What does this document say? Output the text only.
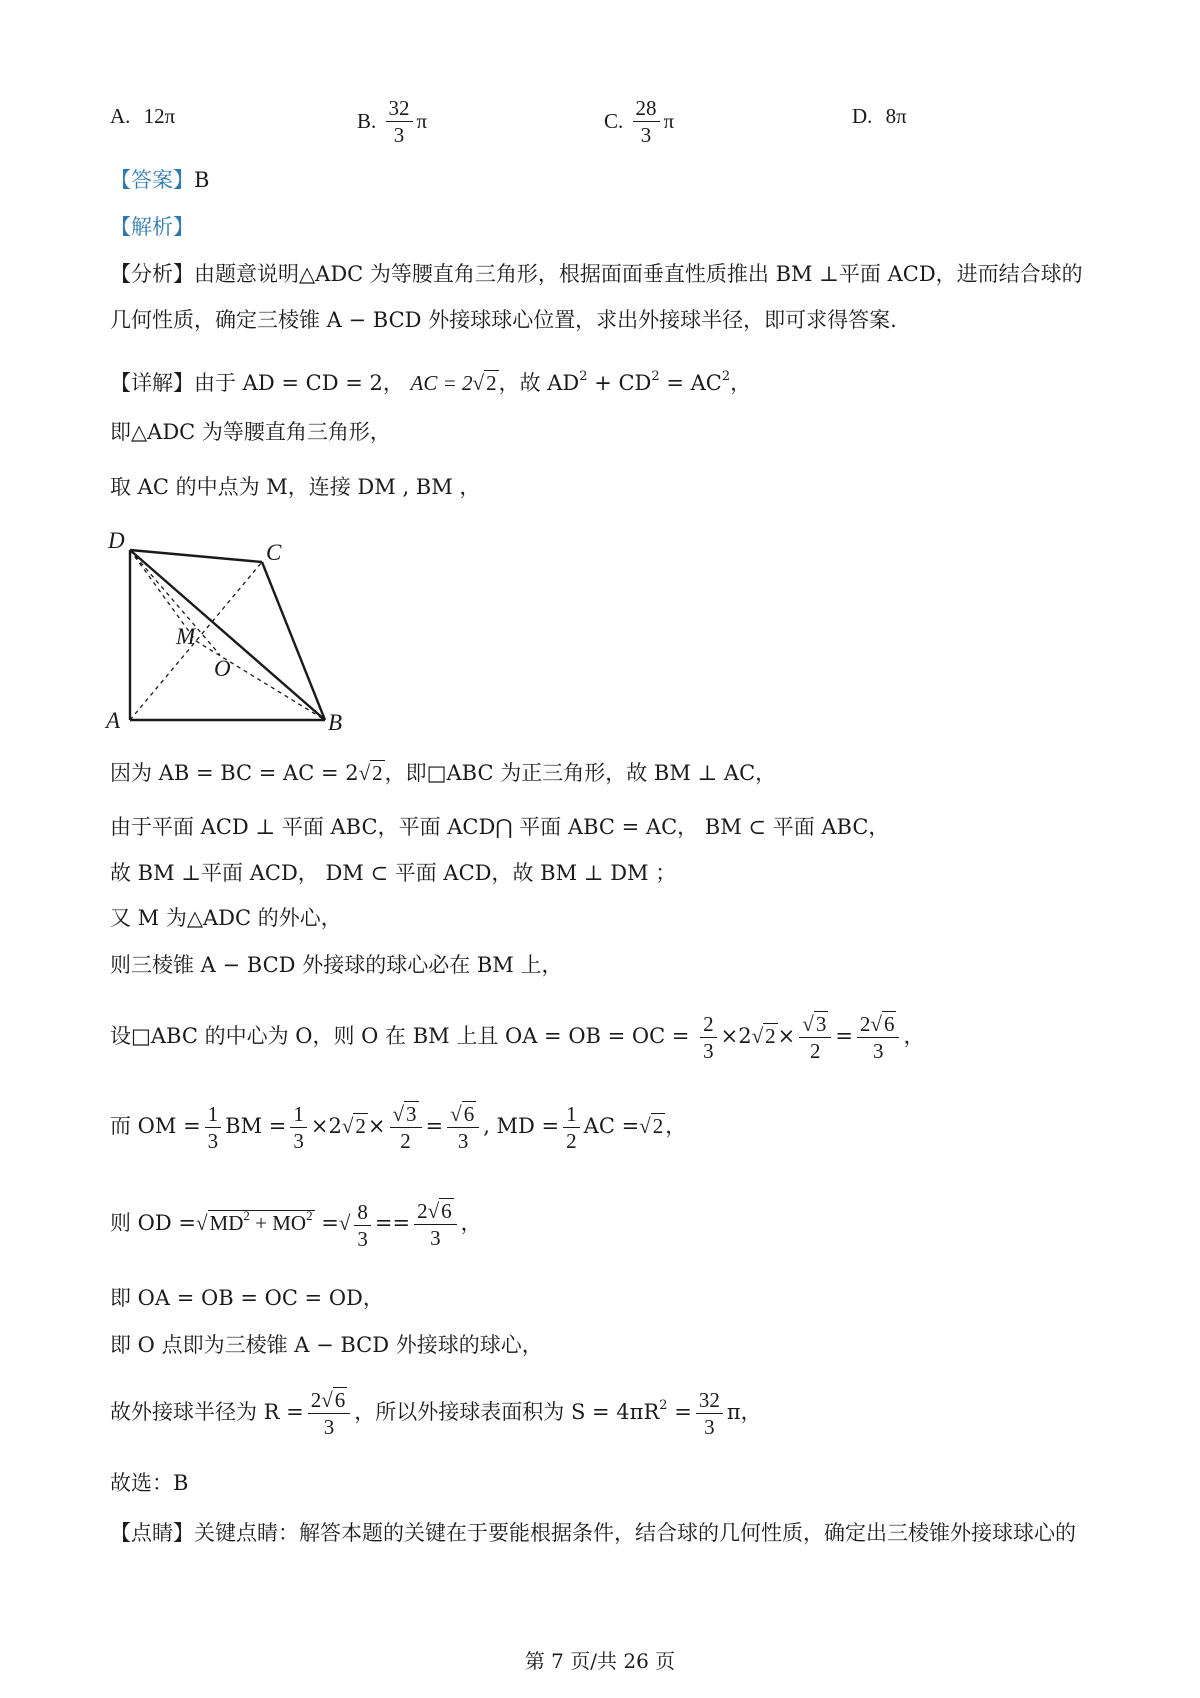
A. 12π	B. $\frac{32}{3}$ π	C. $\frac{28}{3}$ π	D. 8π
【答案】B
【解析】
【分析】由题意说明△ADC 为等腰直角三角形，根据面面垂直性质推出 BM ⊥平面 ACD，进而结合球的
几何性质，确定三棱锥 A − BCD 外接球球心位置，求出外接球半径，即可求得答案.
【详解】由于 AD = CD = 2， AC = 2√2，故 $AD^2 + CD^2 = AC^2$，
即△ADC 为等腰直角三角形，
取 AC 的中点为 M，连接 DM , BM ，
D	C
M
O
A	B
因为 AB = BC = AC = 2√2，即□ABC 为正三角形，故 BM ⊥ AC，
由于平面 ACD ⊥ 平面 ABC，平面 ACD⋂ 平面 ABC = AC， BM ⊂ 平面 ABC，
故 BM ⊥平面 ACD， DM ⊂ 平面 ACD，故 BM ⊥ DM ；
又 M 为△ADC 的外心，
则三棱锥 A − BCD 外接球的球心必在 BM 上，
设□ABC 的中心为 O，则 O 在 BM 上且 OA = OB = OC = $\frac{2}{3} \times 2√2\times \frac{√3}{2} = \frac{2√6}{3}$ ，
而 OM = $\frac{1}{3}$ BM = $\frac{1}{3} \times 2√2\times \frac{√3}{2} = \frac{√6}{3}$ , MD = $\frac{1}{2}$ AC =√2，
则 OD $=√MD^2 + MO^2$ =√ $\frac{8}{3} == \frac{2√6}{3}$ ，
即 OA = OB = OC = OD，
即 O 点即为三棱锥 A − BCD 外接球的球心，
故外接球半径为 $R = \frac{2√6}{3}$ ，所以外接球表面积为 $S = 4\pi R^2 = \frac{32}{3}$ π，
故选：B
【点睛】关键点睛：解答本题的关键在于要能根据条件，结合球的几何性质，确定出三棱锥外接球球心的
第 7 页/共 26 页
